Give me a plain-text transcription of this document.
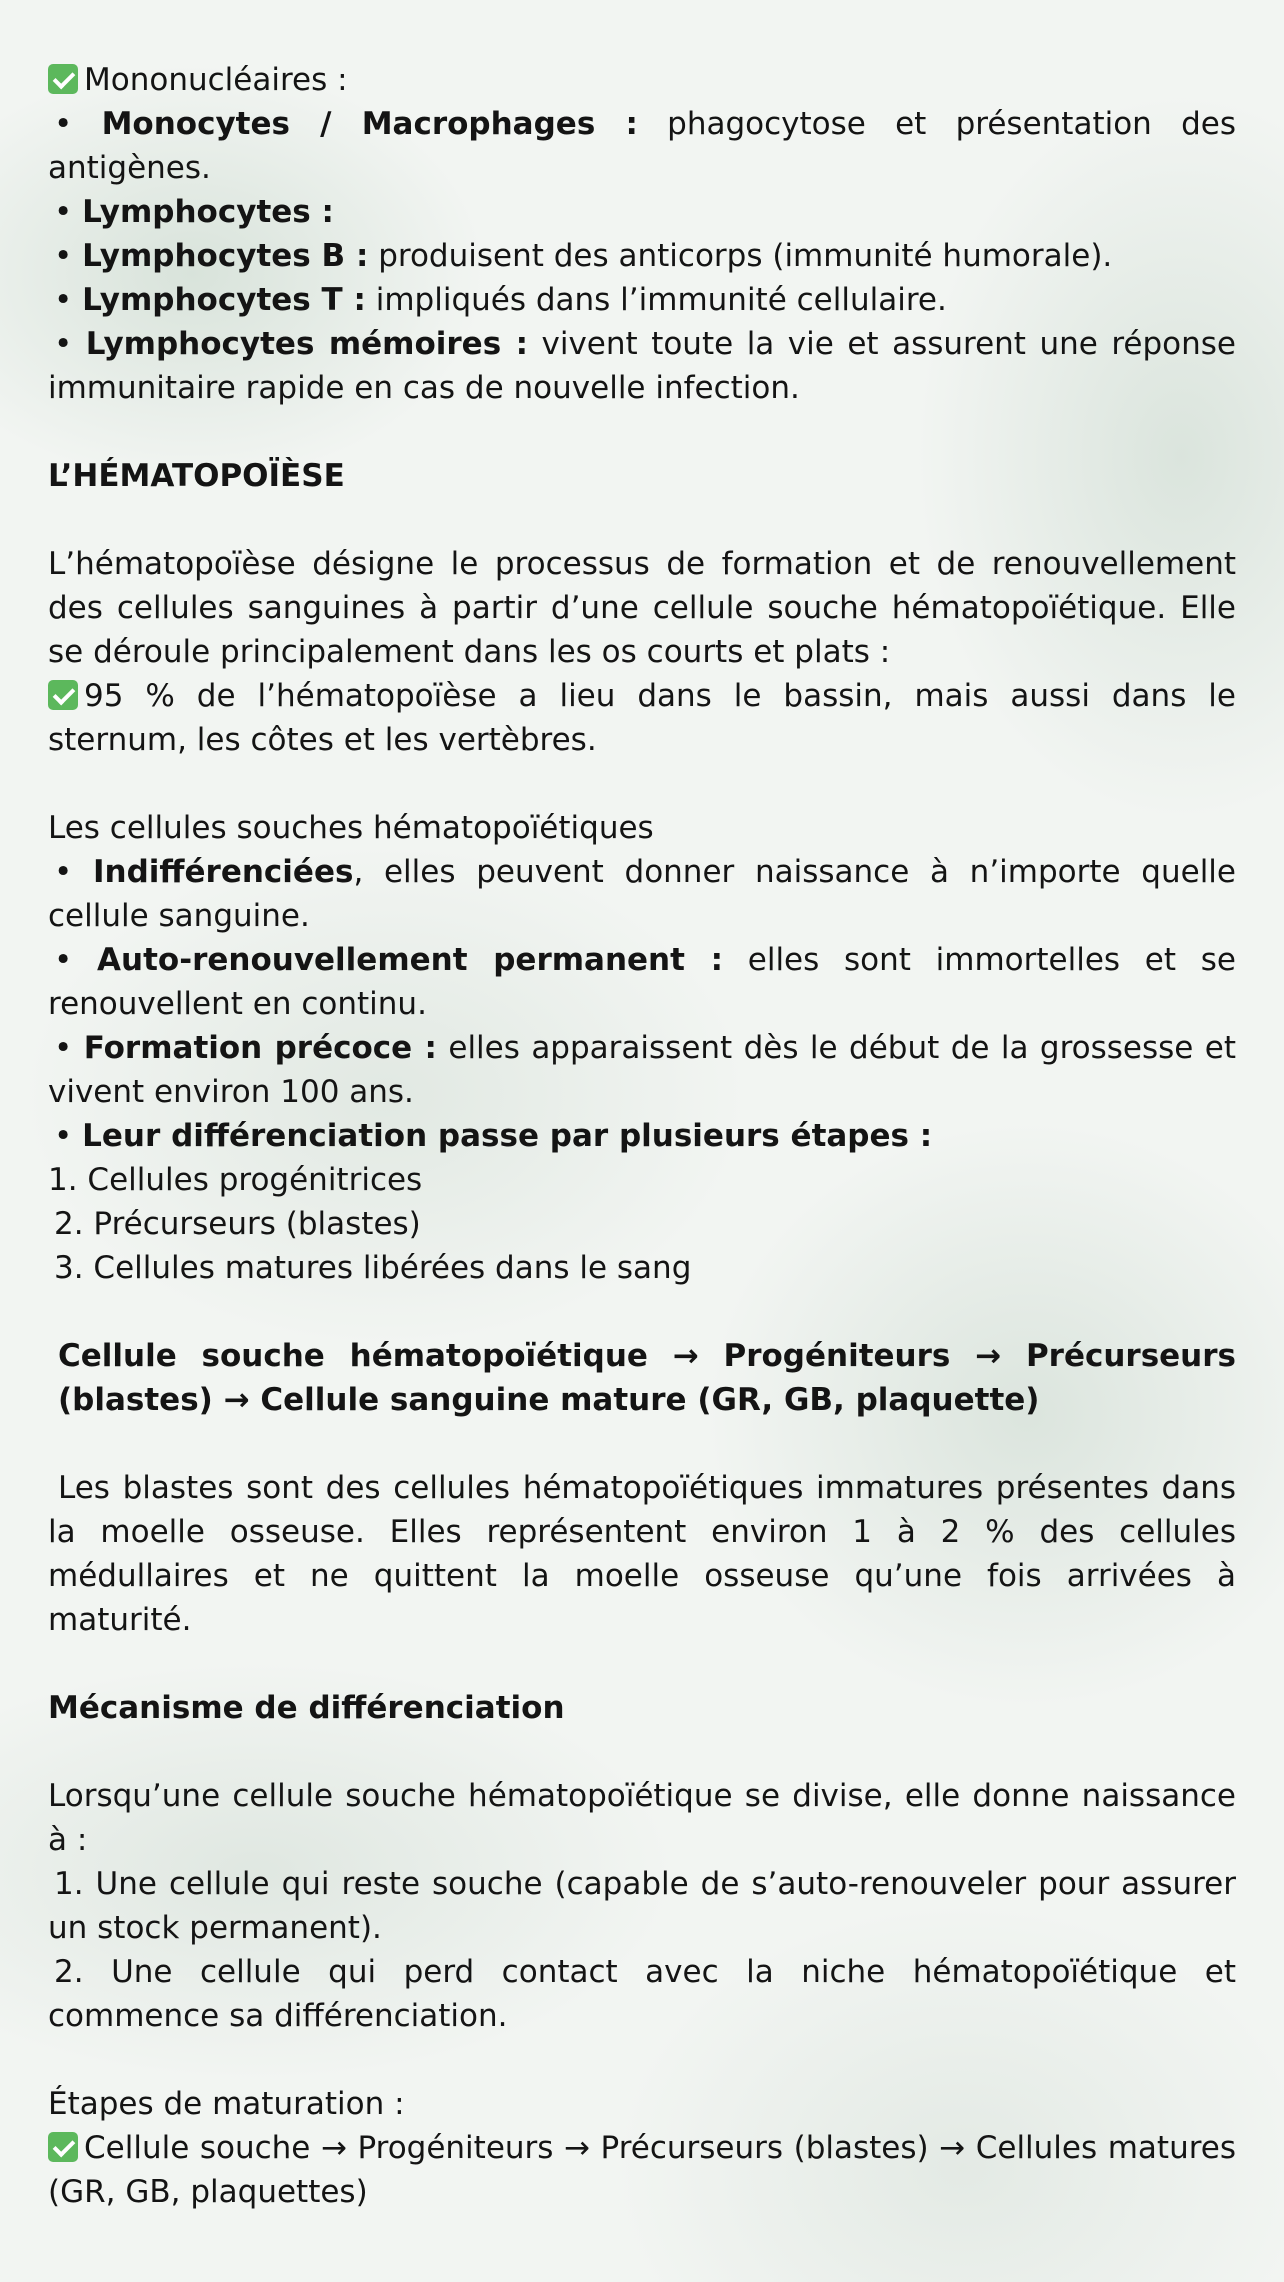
Mononucléaires :

• Monocytes / Macrophages : phagocytose et présentation des antigènes.

• Lymphocytes :

• Lymphocytes B : produisent des anticorps (immunité humorale).

• Lymphocytes T : impliqués dans l’immunité cellulaire.

• Lymphocytes mémoires : vivent toute la vie et assurent une réponse immunitaire rapide en cas de nouvelle infection.

L’HÉMATOPOÏÈSE

L’hématopoïèse désigne le processus de formation et de renouvellement des cellules sanguines à partir d’une cellule souche hématopoïétique. Elle se déroule principalement dans les os courts et plats :

95 % de l’hématopoïèse a lieu dans le bassin, mais aussi dans le sternum, les côtes et les vertèbres.

Les cellules souches hématopoïétiques

• Indifférenciées, elles peuvent donner naissance à n’importe quelle cellule sanguine.

• Auto-renouvellement permanent : elles sont immortelles et se renouvellent en continu.

• Formation précoce : elles apparaissent dès le début de la grossesse et vivent environ 100 ans.

• Leur différenciation passe par plusieurs étapes :

1. Cellules progénitrices

2. Précurseurs (blastes)

3. Cellules matures libérées dans le sang

Cellule souche hématopoïétique → Progéniteurs → Précurseurs (blastes) → Cellule sanguine mature (GR, GB, plaquette)

Les blastes sont des cellules hématopoïétiques immatures présentes dans la moelle osseuse. Elles représentent environ 1 à 2 % des cellules médullaires et ne quittent la moelle osseuse qu’une fois arrivées à maturité.

Mécanisme de différenciation

Lorsqu’une cellule souche hématopoïétique se divise, elle donne naissance à :

1. Une cellule qui reste souche (capable de s’auto-renouveler pour assurer un stock permanent).

2. Une cellule qui perd contact avec la niche hématopoïétique et commence sa différenciation.

Étapes de maturation :

Cellule souche → Progéniteurs → Précurseurs (blastes) → Cellules matures (GR, GB, plaquettes)
